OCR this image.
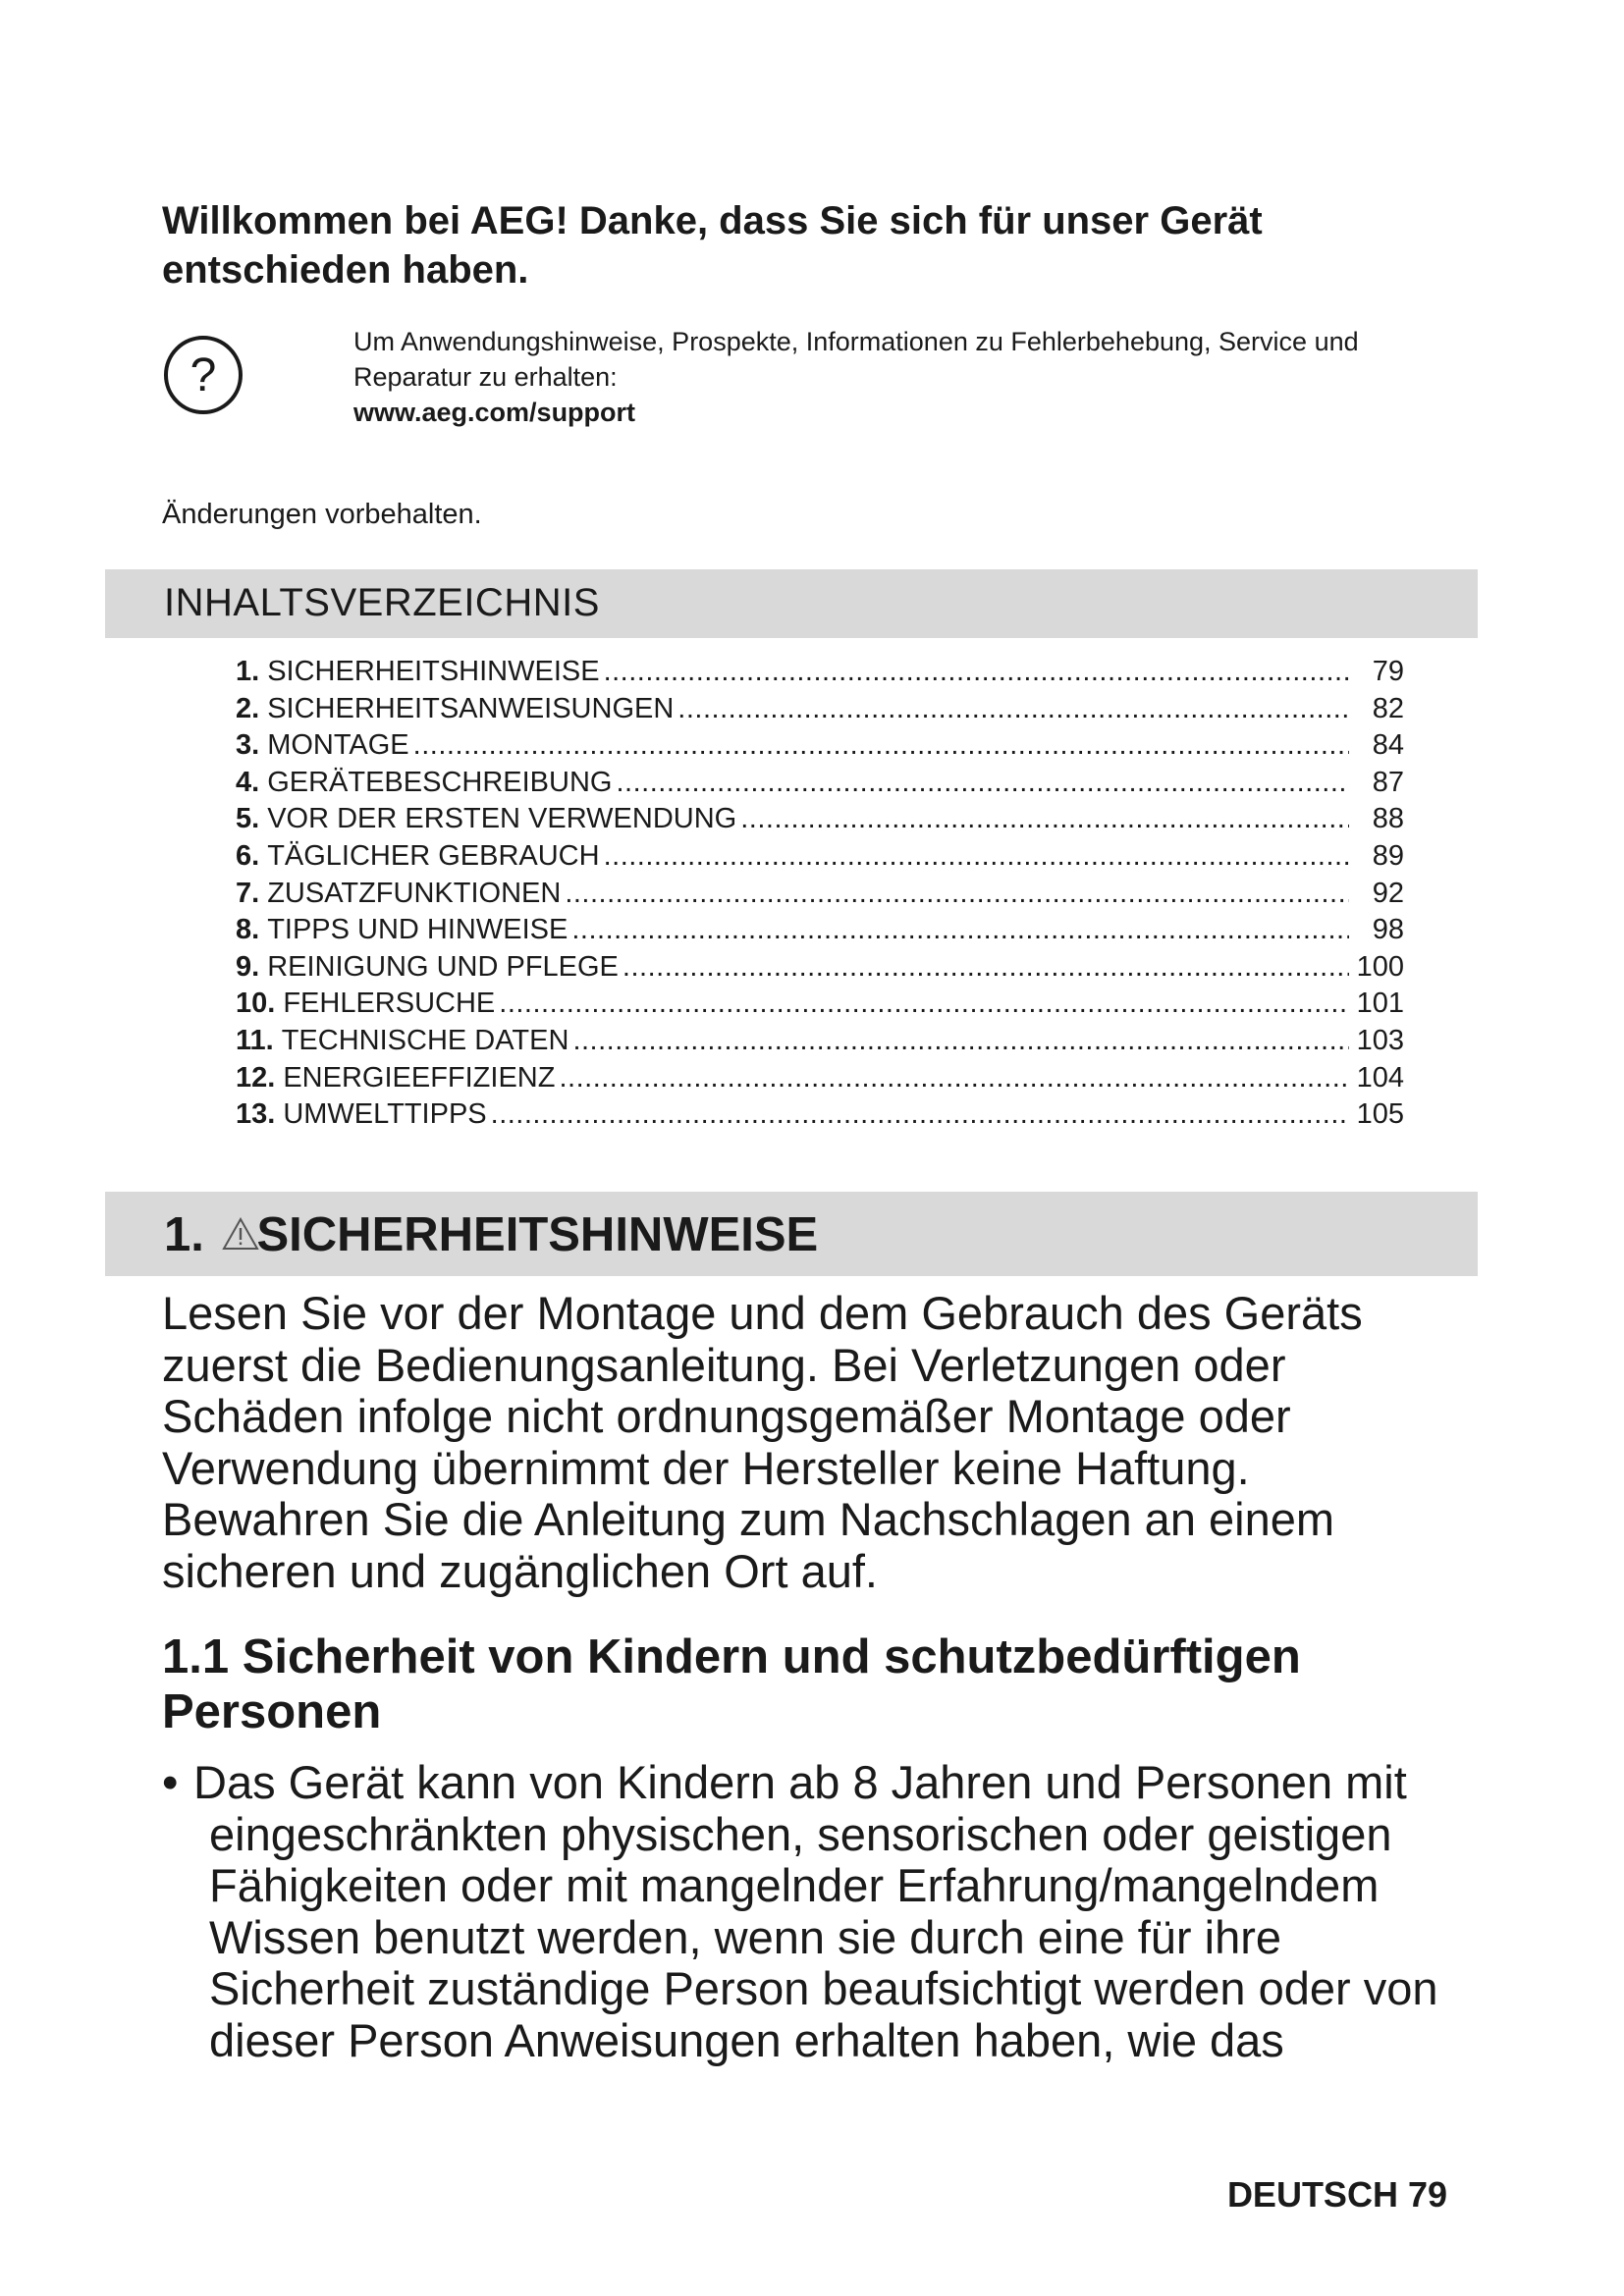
Willkommen bei AEG! Danke, dass Sie sich für unser Gerät entschieden haben.
?
Um Anwendungshinweise, Prospekte, Informationen zu Fehlerbehebung, Service und Reparatur zu erhalten:
www.aeg.com/support
Änderungen vorbehalten.
INHALTSVERZEICHNIS
1. SICHERHEITSHINWEISE .....	79
2. SICHERHEITSANWEISUNGEN .....	82
3. MONTAGE .....	84
4. GERÄTEBESCHREIBUNG .....	87
5. VOR DER ERSTEN VERWENDUNG .....	88
6. TÄGLICHER GEBRAUCH .....	89
7. ZUSATZFUNKTIONEN .....	92
8. TIPPS UND HINWEISE .....	98
9. REINIGUNG UND PFLEGE .....	100
10. FEHLERSUCHE .....	101
11. TECHNISCHE DATEN .....	103
12. ENERGIEEFFIZIENZ .....	104
13. UMWELTTIPPS .....	105
1. SICHERHEITSHINWEISE

Lesen Sie vor der Montage und dem Gebrauch des Geräts zuerst die Bedienungsanleitung. Bei Verletzungen oder Schäden infolge nicht ordnungsgemäßer Montage oder Verwendung übernimmt der Hersteller keine Haftung. Bewahren Sie die Anleitung zum Nachschlagen an einem sicheren und zugänglichen Ort auf.

1.1 Sicherheit von Kindern und schutzbedürftigen Personen

• Das Gerät kann von Kindern ab 8 Jahren und Personen mit eingeschränkten physischen, sensorischen oder geistigen Fähigkeiten oder mit mangelnder Erfahrung/mangelndem Wissen benutzt werden, wenn sie durch eine für ihre Sicherheit zuständige Person beaufsichtigt werden oder von dieser Person Anweisungen erhalten haben, wie das

DEUTSCH 79
